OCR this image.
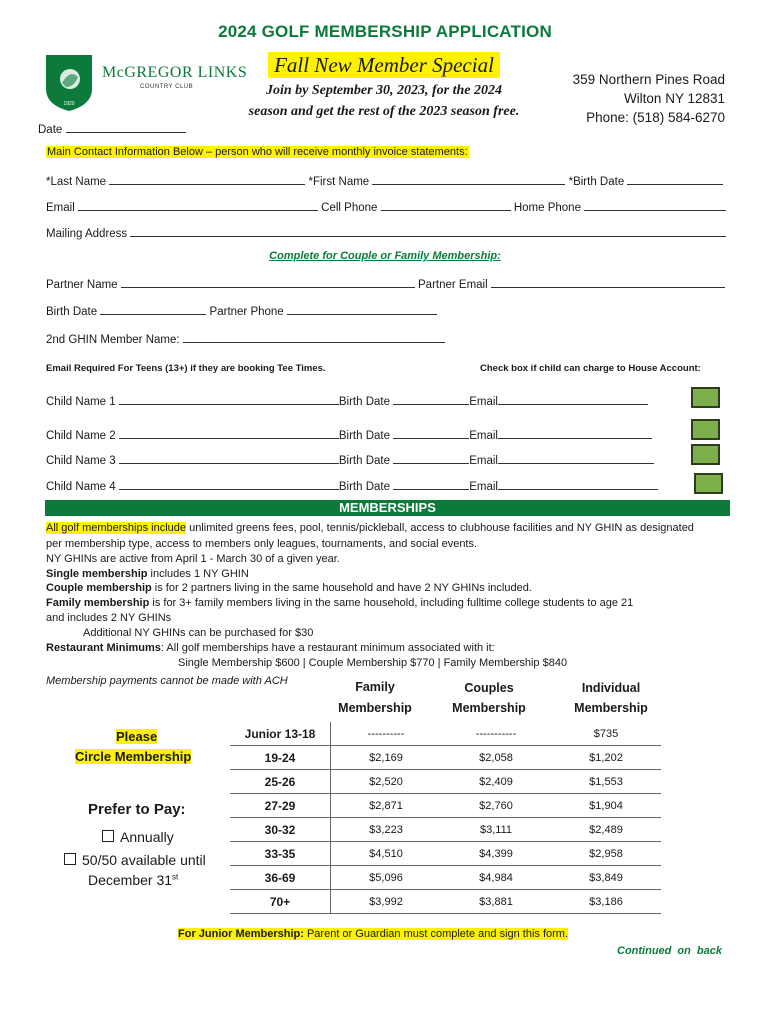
2024 GOLF MEMBERSHIP APPLICATION
1920
McGREGOR LINKS
COUNTRY CLUB
Fall New Member Special
Join by September 30, 2023, for the 2024
season and get the rest of the 2023 season free.
359 Northern Pines Road
Wilton NY 12831
Phone: (518) 584-6270
Date
Main Contact Information Below – person who will receive monthly invoice statements:
*Last Name	*First Name	*Birth Date
Email	Cell Phone	Home Phone
Mailing Address
Complete for Couple or Family Membership:
Partner Name	Partner Email
Birth Date	Partner Phone
2nd GHIN Member Name:
Email Required For Teens (13+) if they are booking Tee Times.	Check box if child can charge to House Account:
Child Name 1	Birth Date	Email
Child Name 2	Birth Date	Email
Child Name 3	Birth Date	Email
Child Name 4	Birth Date	Email
MEMBERSHIPS
All golf memberships include unlimited greens fees, pool, tennis/pickleball, access to clubhouse facilities and NY GHIN as designated
per membership type, access to members only leagues, tournaments, and social events.
NY GHINs are active from April 1 - March 30 of a given year.
Single membership includes 1 NY GHIN
Couple membership is for 2 partners living in the same household and have 2 NY GHINs included.
Family membership is for 3+ family members living in the same household, including fulltime college students to age 21
and includes 2 NY GHINs
Additional NY GHINs can be purchased for $30
Restaurant Minimums: All golf memberships have a restaurant minimum associated with it:
Single Membership $600 | Couple Membership $770 | Family Membership $840
Membership payments cannot be made with ACH	Family
Membership
Couples
Membership
Individual
Membership
Junior 13-18	----------	-----------	$735
19-24	$2,169	$2,058	$1,202
25-26	$2,520	$2,409	$1,553
27-29	$2,871	$2,760	$1,904
30-32	$3,223	$3,111	$2,489
33-35	$4,510	$4,399	$2,958
36-69	$5,096	$4,984	$3,849
70+	$3,992	$3,881	$3,186
Please
Circle Membership
Prefer to Pay:
Annually
50/50 available until
December 31st
For Junior Membership: Parent or Guardian must complete and sign this form.
Continued on back
